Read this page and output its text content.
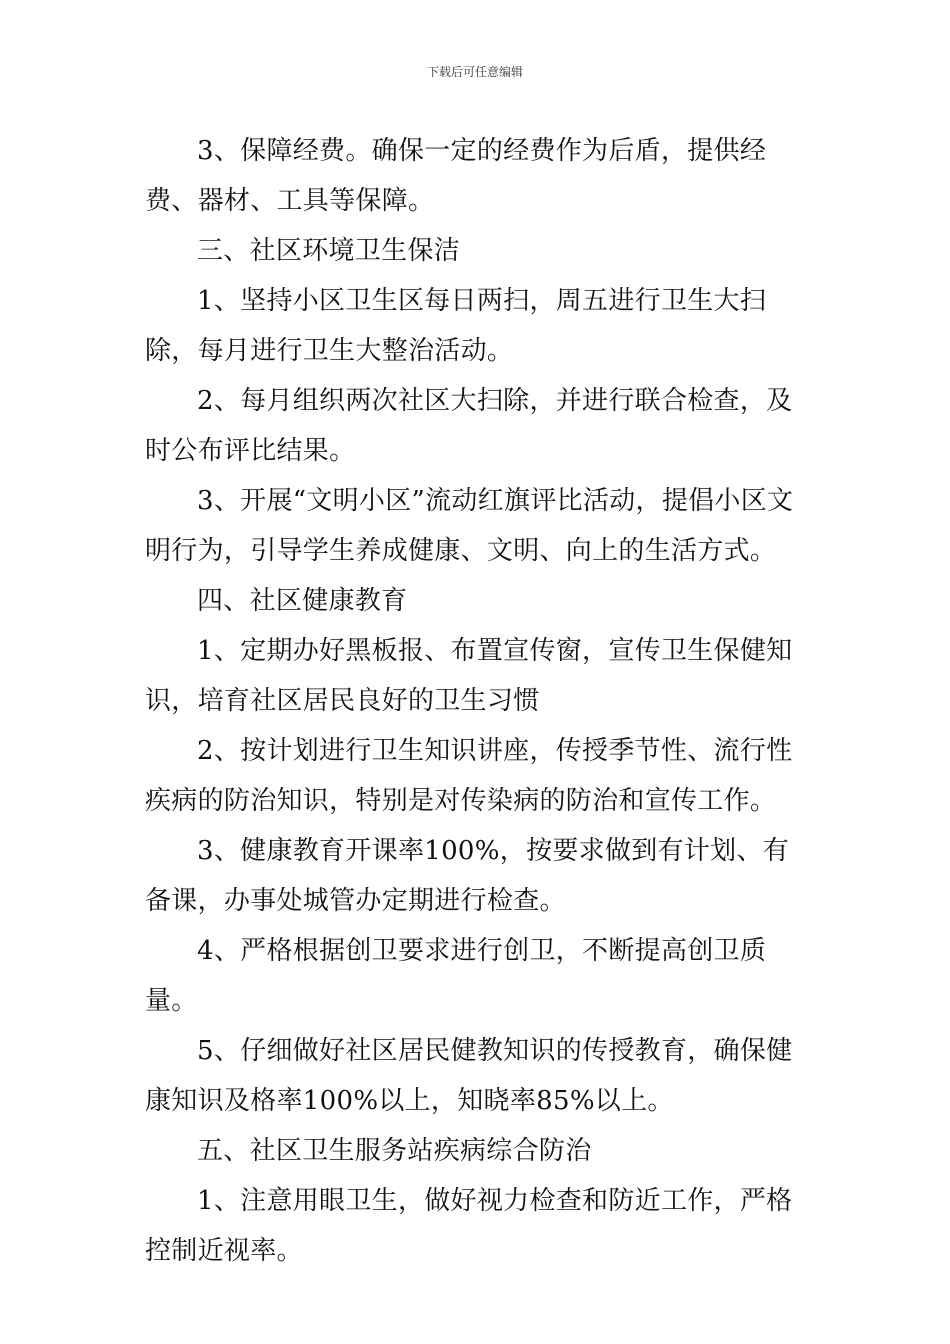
下载后可任意编辑

3、保障经费。确保一定的经费作为后盾，提供经费、器材、工具等保障。

三、社区环境卫生保洁

1、坚持小区卫生区每日两扫，周五进行卫生大扫除，每月进行卫生大整治活动。

2、每月组织两次社区大扫除，并进行联合检查，及时公布评比结果。

3、开展“文明小区”流动红旗评比活动，提倡小区文明行为，引导学生养成健康、文明、向上的生活方式。

四、社区健康教育

1、定期办好黑板报、布置宣传窗，宣传卫生保健知识，培育社区居民良好的卫生习惯

2、按计划进行卫生知识讲座，传授季节性、流行性疾病的防治知识，特别是对传染病的防治和宣传工作。

3、健康教育开课率100%，按要求做到有计划、有备课，办事处城管办定期进行检查。

4、严格根据创卫要求进行创卫，不断提高创卫质量。

5、仔细做好社区居民健教知识的传授教育，确保健康知识及格率100%以上，知晓率85%以上。

五、社区卫生服务站疾病综合防治

1、注意用眼卫生，做好视力检查和防近工作，严格控制近视率。
